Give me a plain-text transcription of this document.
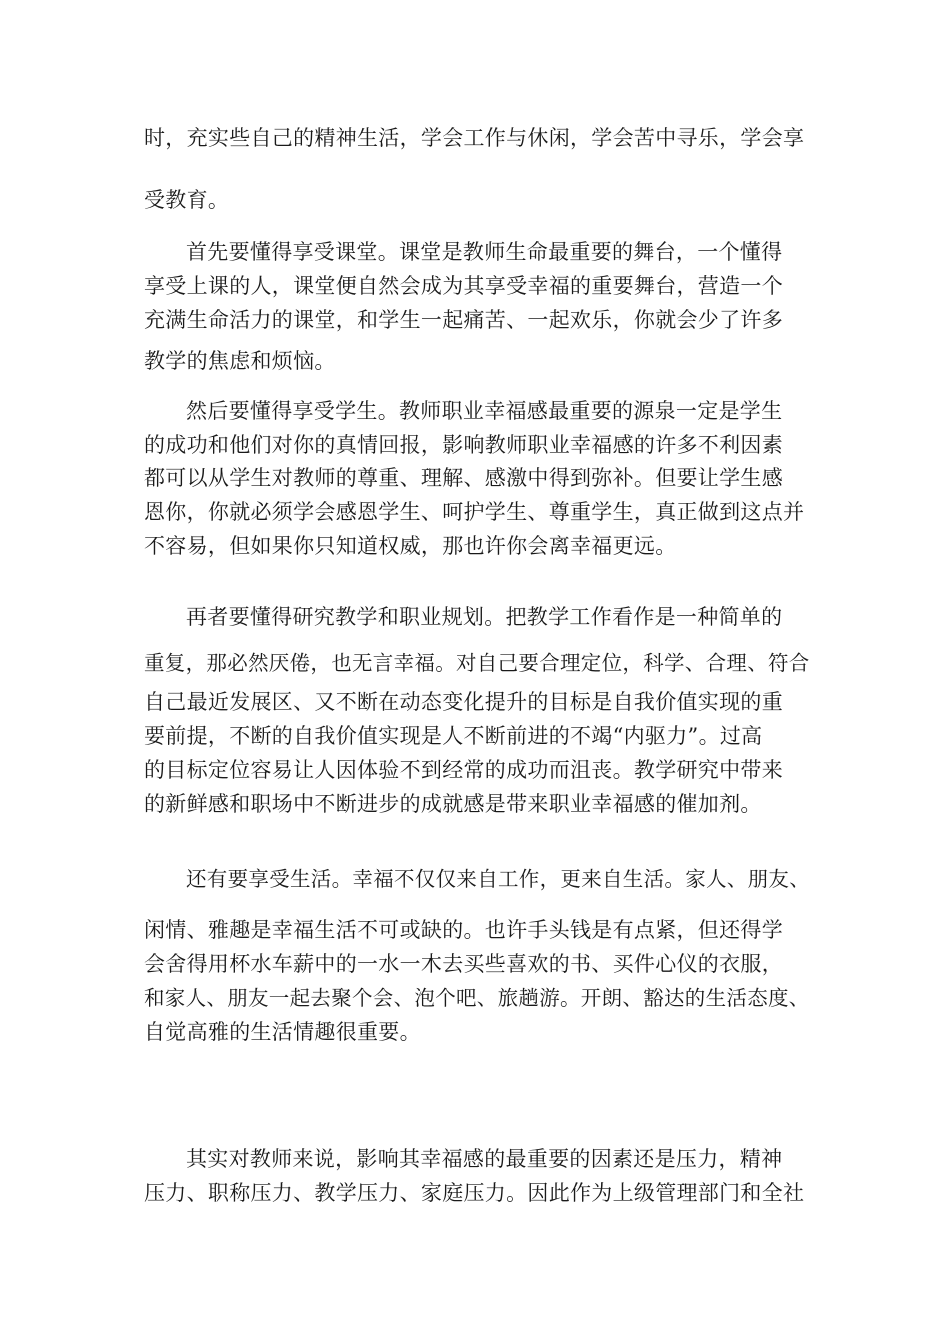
时，充实些自己的精神生活，学会工作与休闲，学会苦中寻乐，学会享
受教育。
首先要懂得享受课堂。课堂是教师生命最重要的舞台，一个懂得
享受上课的人，课堂便自然会成为其享受幸福的重要舞台，营造一个
充满生命活力的课堂，和学生一起痛苦、一起欢乐，你就会少了许多
教学的焦虑和烦恼。
然后要懂得享受学生。教师职业幸福感最重要的源泉一定是学生
的成功和他们对你的真情回报，影响教师职业幸福感的许多不利因素
都可以从学生对教师的尊重、理解、感激中得到弥补。但要让学生感
恩你，你就必须学会感恩学生、呵护学生、尊重学生，真正做到这点并
不容易，但如果你只知道权威，那也许你会离幸福更远。
再者要懂得研究教学和职业规划。把教学工作看作是一种简单的
重复，那必然厌倦，也无言幸福。对自己要合理定位，科学、合理、符合
自己最近发展区、又不断在动态变化提升的目标是自我价值实现的重
要前提，不断的自我价值实现是人不断前进的不竭“内驱力”。过高
的目标定位容易让人因体验不到经常的成功而沮丧。教学研究中带来
的新鲜感和职场中不断进步的成就感是带来职业幸福感的催加剂。
还有要享受生活。幸福不仅仅来自工作，更来自生活。家人、朋友、
闲情、雅趣是幸福生活不可或缺的。也许手头钱是有点紧，但还得学
会舍得用杯水车薪中的一水一木去买些喜欢的书、买件心仪的衣服，
和家人、朋友一起去聚个会、泡个吧、旅趟游。开朗、豁达的生活态度、
自觉高雅的生活情趣很重要。
其实对教师来说，影响其幸福感的最重要的因素还是压力，精神
压力、职称压力、教学压力、家庭压力。因此作为上级管理部门和全社
